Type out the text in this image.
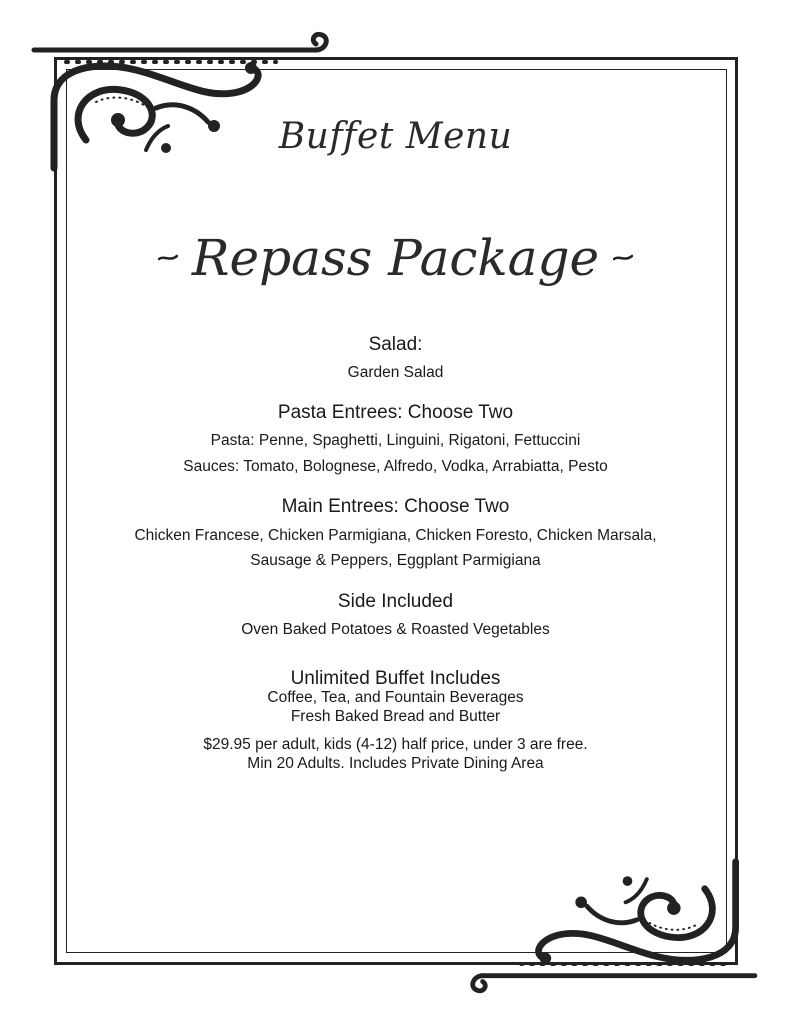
Buffet Menu
Repass Package
Salad:
Garden Salad
Pasta Entrees: Choose Two
Pasta: Penne, Spaghetti, Linguini, Rigatoni, Fettuccini
Sauces: Tomato, Bolognese, Alfredo, Vodka, Arrabiatta, Pesto
Main Entrees: Choose Two
Chicken Francese, Chicken Parmigiana, Chicken Foresto, Chicken Marsala,
Sausage & Peppers, Eggplant Parmigiana
Side Included
Oven Baked Potatoes & Roasted Vegetables
Unlimited Buffet Includes
Coffee, Tea, and Fountain Beverages
Fresh Baked Bread and Butter
$29.95 per adult, kids (4-12) half price, under 3 are free.
Min 20 Adults. Includes Private Dining Area
